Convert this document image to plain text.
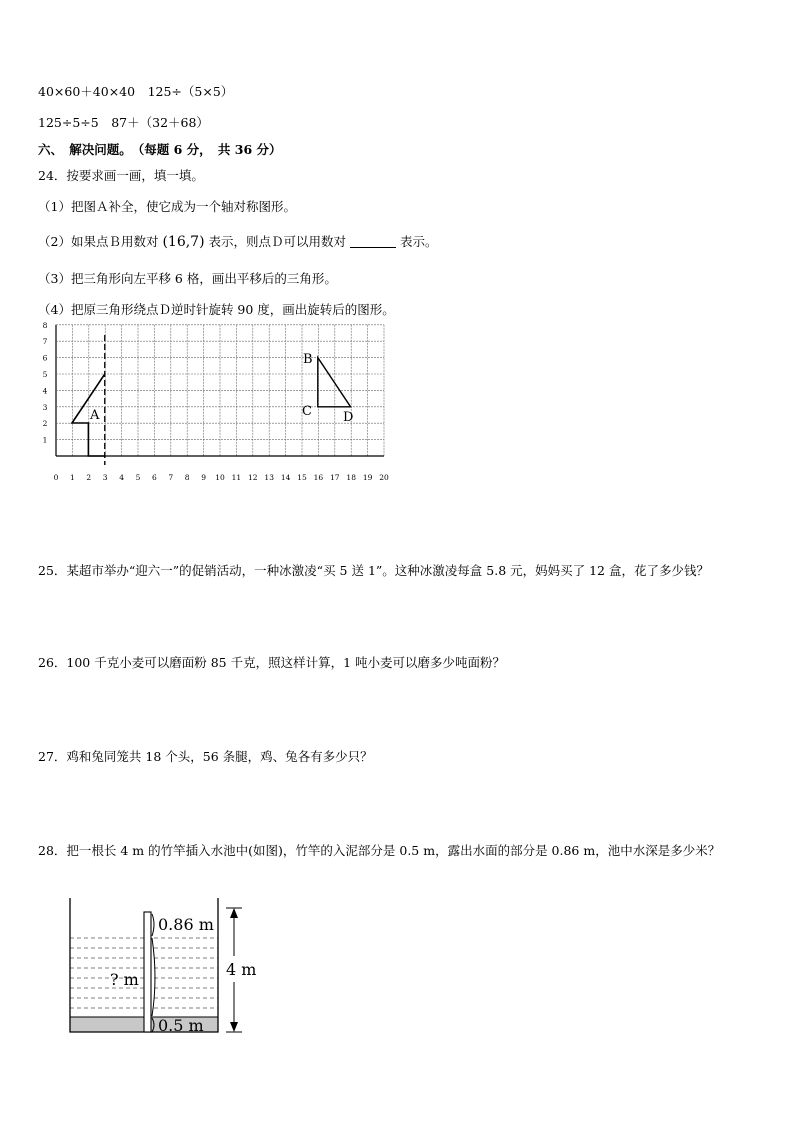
40×60＋40×40　125÷（5×5）
125÷5÷5　87＋（32＋68）
六、　解决问题。　（每题 6 分，　共 36 分）
24．按要求画一画，填一填。
（1）把图Ａ补全，使它成为一个轴对称图形。
（2）如果点Ｂ用数对 (16,7) 表示，则点Ｄ可以用数对	表示。
（3）把三角形向左平移 6 格，画出平移后的三角形。
（4）把原三角形绕点Ｄ逆时针旋转 90 度，画出旋转后的图形。
0 1 2 3 4 5 6 7 8 9 10 11 12 13 14 15 16 17 18 19 20
1
2
3
4
5
6
7
8
A
B
C D
25．某超市举办“迎六一”的促销活动，一种冰激凌“买 5 送 1”。这种冰激凌每盒 5.8 元，妈妈买了 12 盒，花了多少钱？
26．100 千克小麦可以磨面粉 85 千克，照这样计算，1 吨小麦可以磨多少吨面粉？
27．鸡和兔同笼共 18 个头，56 条腿，鸡、兔各有多少只？
28．把一根长 4 m 的竹竿插入水池中(如图)，竹竿的入泥部分是 0.5 m，露出水面的部分是 0.86 m，池中水深是多少米？
0.86 m
? m
0.5 m
4 m
